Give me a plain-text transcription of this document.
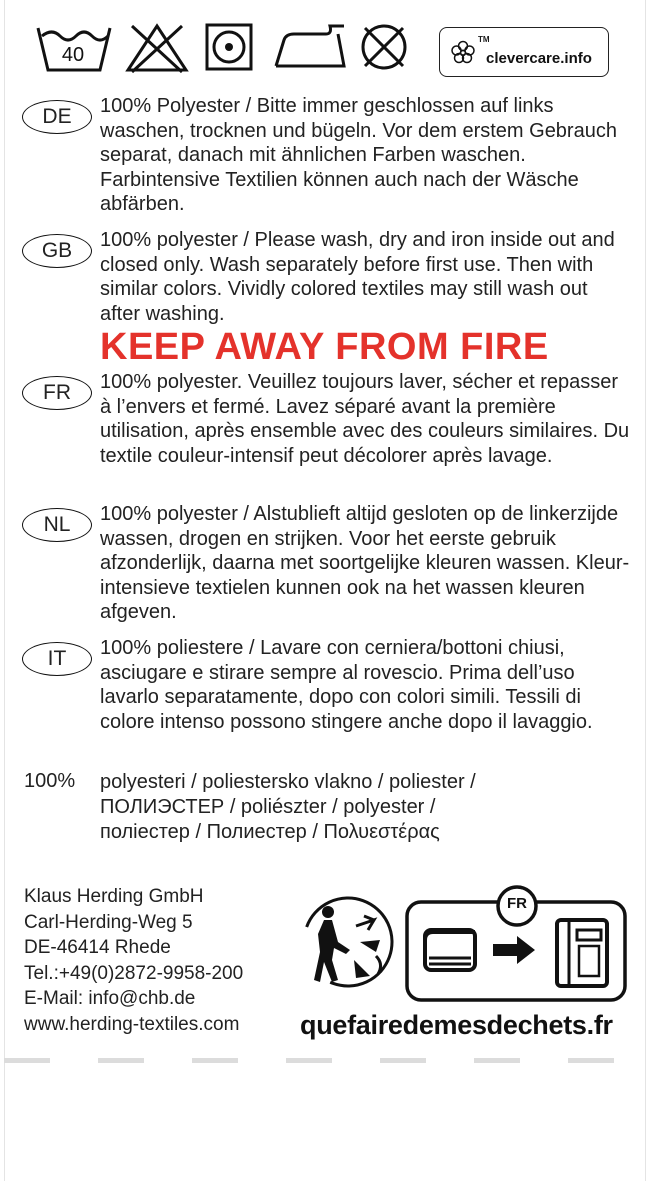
40
TM
clevercare.info
DE	100% Polyester / Bitte immer geschlossen auf links waschen, trocknen und bügeln. Vor dem erstem Gebrauch separat, danach mit ähnlichen Farben waschen. Farbintensive Textilien können auch nach der Wäsche abfärben.

GB	100% polyester / Please wash, dry and iron inside out and closed only. Wash separately before first use. Then with similar colors. Vividly colored textiles may still wash out after washing.

KEEP AWAY FROM FIRE
FR	100% polyester. Veuillez toujours laver, sécher et repasser à l’envers et fermé. Lavez séparé avant la première utilisation, après ensemble avec des couleurs similaires. Du textile couleur-intensif peut décolorer après lavage.

NL	100% polyester / Alstublieft altijd gesloten op de linkerzijde wassen, drogen en strijken. Voor het eerste gebruik afzonderlijk, daarna met soortgelijke kleuren wassen. Kleur-intensieve textielen kunnen ook na het wassen kleuren afgeven.

IT	100% poliestere / Lavare con cerniera/bottoni chiusi, asciugare e stirare sempre al rovescio. Prima dell’uso lavarlo separatamente, dopo con colori simili. Tessili di colore intenso possono stingere anche dopo il lavaggio.

100% polyesteri / poliestersko vlakno / poliester /
ПОЛИЭСТЕР / poliészter / polyester /
поліестер / Полиестер / Πολυεστέρας
Klaus Herding GmbH
Carl-Herding-Weg 5
DE-46414 Rhede
Tel.:+49(0)2872-9958-200
E-Mail: info@chb.de
www.herding-textiles.com
FR
quefairedemesdechets.fr
